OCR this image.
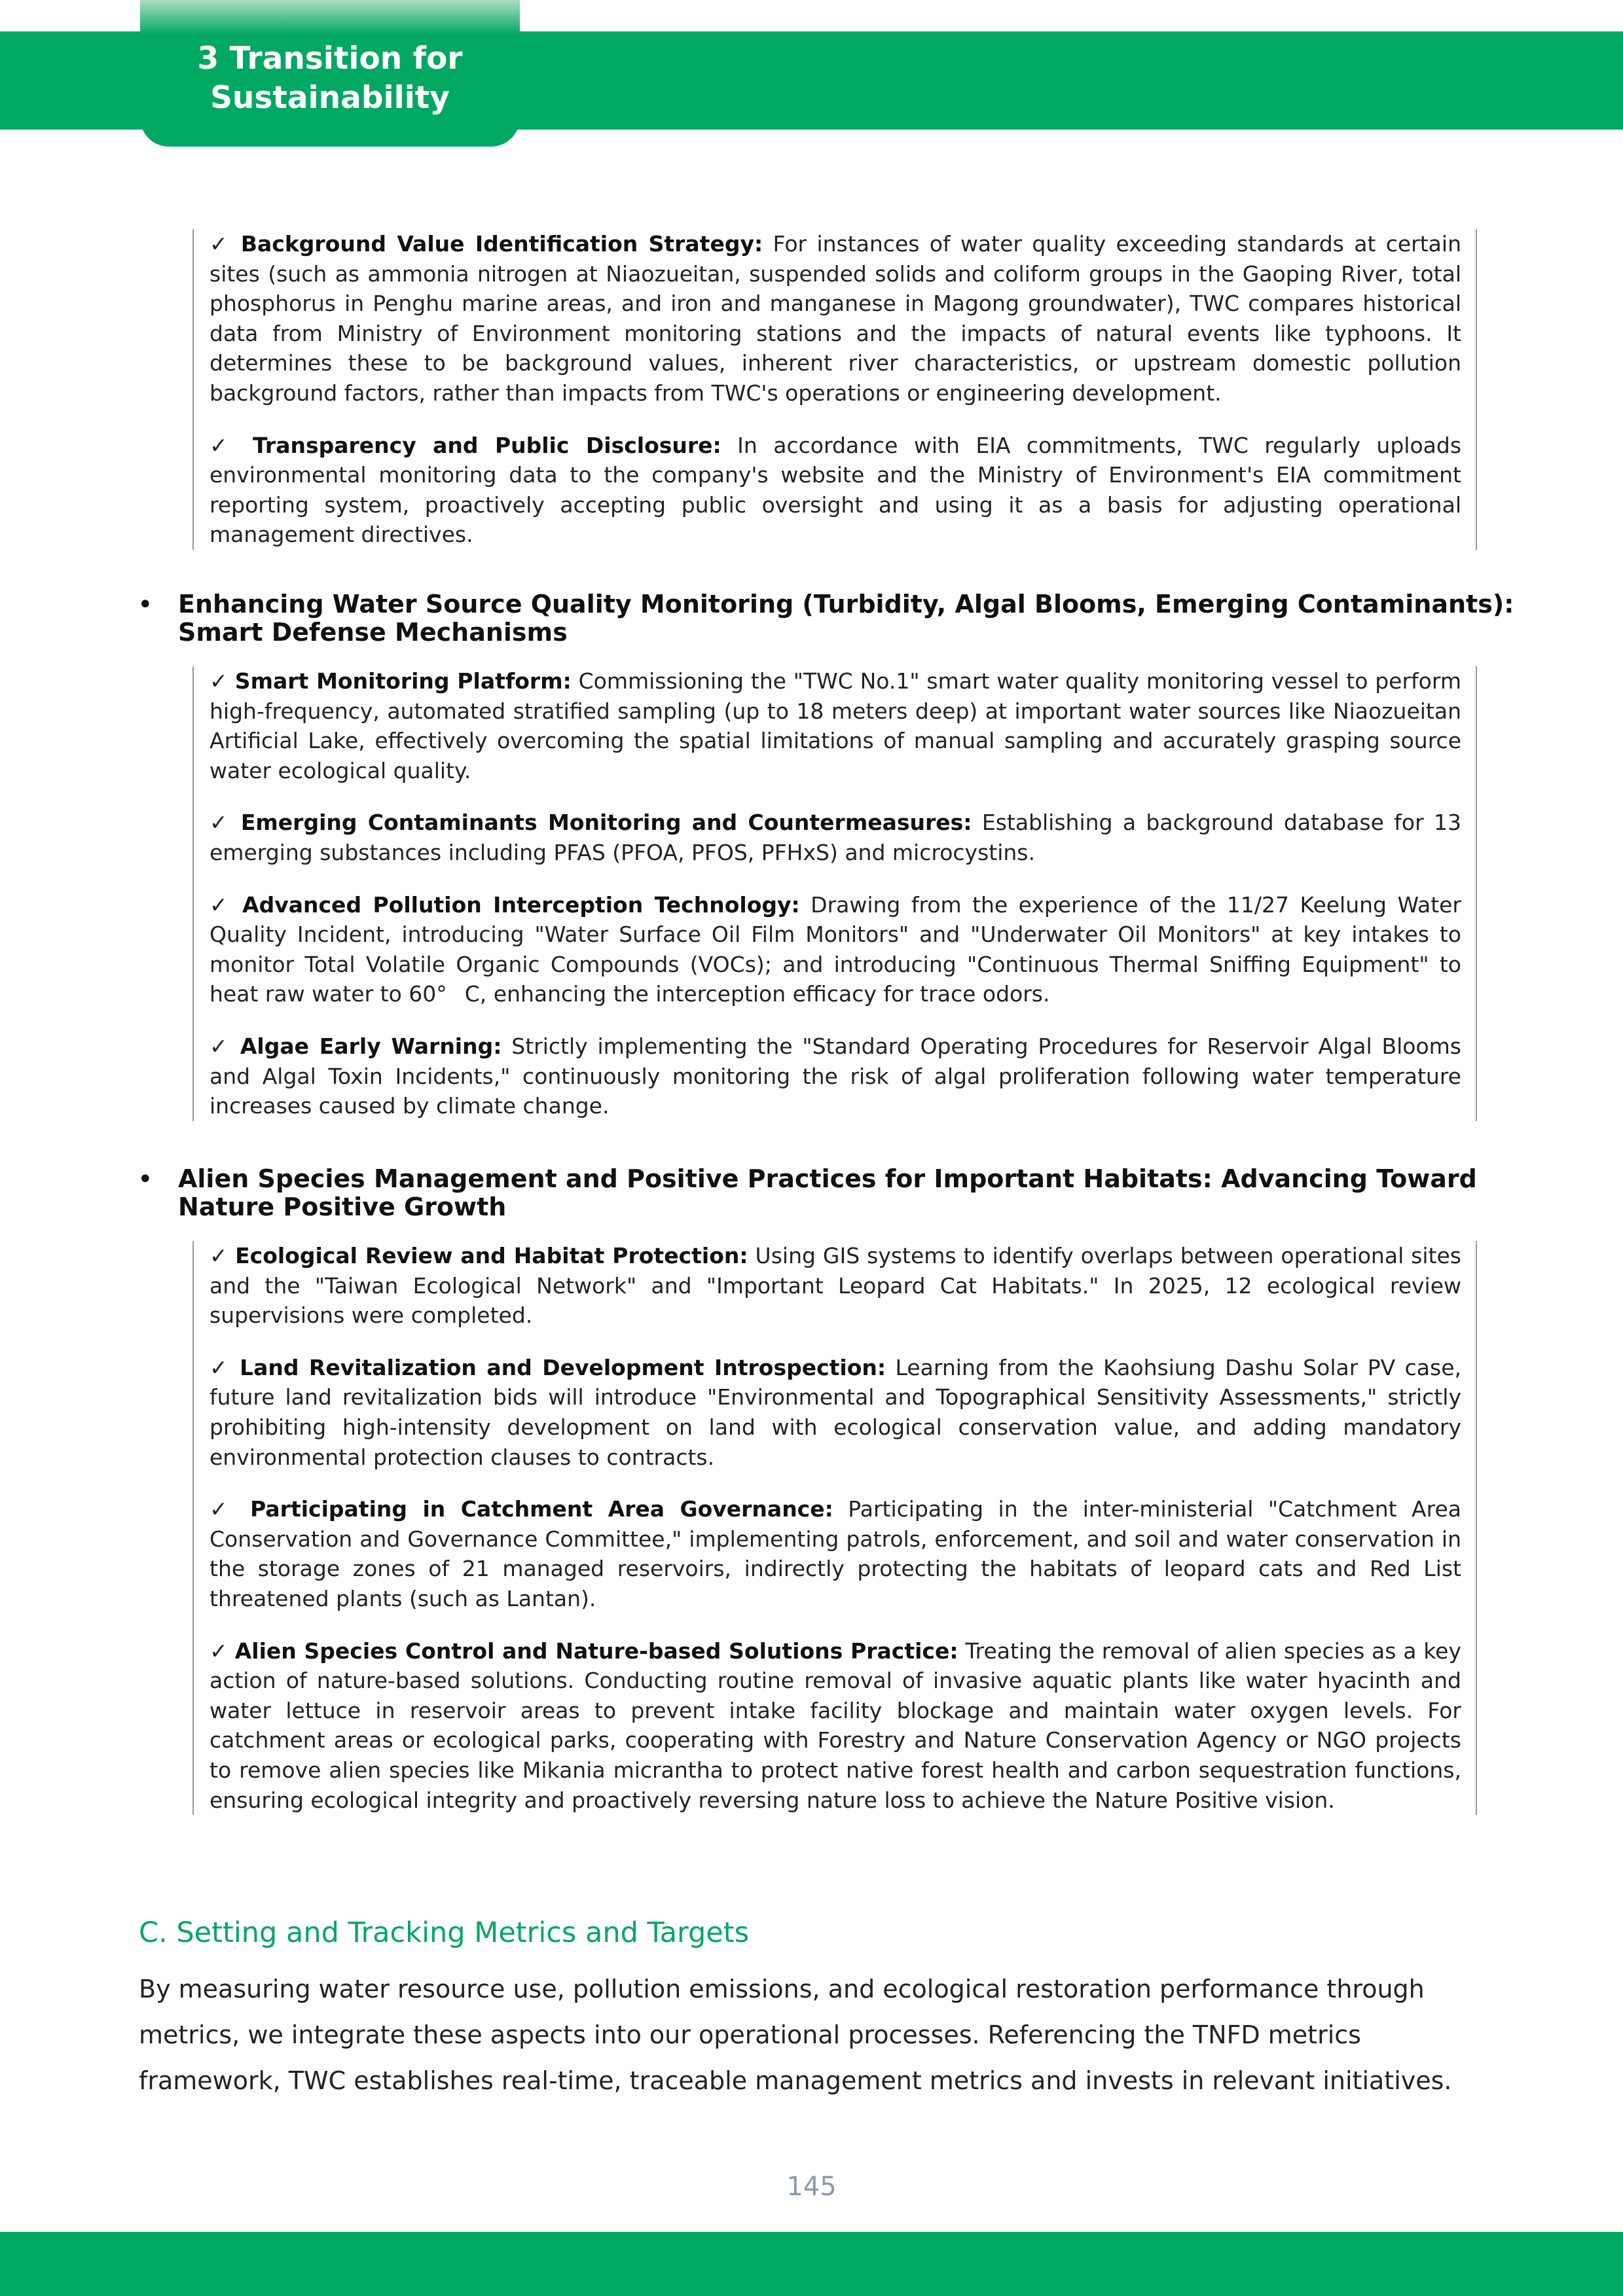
3 Transition for
Sustainability

✓ Background Value Identification Strategy: For instances of water quality exceeding standards at certain sites (such as ammonia nitrogen at Niaozueitan, suspended solids and coliform groups in the Gaoping River, total phosphorus in Penghu marine areas, and iron and manganese in Magong groundwater), TWC compares historical data from Ministry of Environment monitoring stations and the impacts of natural events like typhoons. It determines these to be background values, inherent river characteristics, or upstream domestic pollution background factors, rather than impacts from TWC's operations or engineering development.

✓ Transparency and Public Disclosure: In accordance with EIA commitments, TWC regularly uploads environmental monitoring data to the company's website and the Ministry of Environment's EIA commitment reporting system, proactively accepting public oversight and using it as a basis for adjusting operational management directives.

• Enhancing Water Source Quality Monitoring (Turbidity, Algal Blooms, Emerging Contaminants): Smart Defense Mechanisms

✓ Smart Monitoring Platform: Commissioning the "TWC No.1" smart water quality monitoring vessel to perform high-frequency, automated stratified sampling (up to 18 meters deep) at important water sources like Niaozueitan Artificial Lake, effectively overcoming the spatial limitations of manual sampling and accurately grasping source water ecological quality.

✓ Emerging Contaminants Monitoring and Countermeasures: Establishing a background database for 13 emerging substances including PFAS (PFOA, PFOS, PFHxS) and microcystins.

✓ Advanced Pollution Interception Technology: Drawing from the experience of the 11/27 Keelung Water Quality Incident, introducing "Water Surface Oil Film Monitors" and "Underwater Oil Monitors" at key intakes to monitor Total Volatile Organic Compounds (VOCs); and introducing "Continuous Thermal Sniffing Equipment" to heat raw water to 60°  C, enhancing the interception efficacy for trace odors.

✓ Algae Early Warning: Strictly implementing the "Standard Operating Procedures for Reservoir Algal Blooms and Algal Toxin Incidents," continuously monitoring the risk of algal proliferation following water temperature increases caused by climate change.

• Alien Species Management and Positive Practices for Important Habitats: Advancing Toward Nature Positive Growth

✓ Ecological Review and Habitat Protection: Using GIS systems to identify overlaps between operational sites and the "Taiwan Ecological Network" and "Important Leopard Cat Habitats." In 2025, 12 ecological review supervisions were completed.

✓ Land Revitalization and Development Introspection: Learning from the Kaohsiung Dashu Solar PV case, future land revitalization bids will introduce "Environmental and Topographical Sensitivity Assessments," strictly prohibiting high-intensity development on land with ecological conservation value, and adding mandatory environmental protection clauses to contracts.

✓ Participating in Catchment Area Governance: Participating in the inter-ministerial "Catchment Area Conservation and Governance Committee," implementing patrols, enforcement, and soil and water conservation in the storage zones of 21 managed reservoirs, indirectly protecting the habitats of leopard cats and Red List threatened plants (such as Lantan).

✓ Alien Species Control and Nature-based Solutions Practice: Treating the removal of alien species as a key action of nature-based solutions. Conducting routine removal of invasive aquatic plants like water hyacinth and water lettuce in reservoir areas to prevent intake facility blockage and maintain water oxygen levels. For catchment areas or ecological parks, cooperating with Forestry and Nature Conservation Agency or NGO projects to remove alien species like Mikania micrantha to protect native forest health and carbon sequestration functions, ensuring ecological integrity and proactively reversing nature loss to achieve the Nature Positive vision.

C. Setting and Tracking Metrics and Targets
By measuring water resource use, pollution emissions, and ecological restoration performance through metrics, we integrate these aspects into our operational processes. Referencing the TNFD metrics framework, TWC establishes real-time, traceable management metrics and invests in relevant initiatives.
145
